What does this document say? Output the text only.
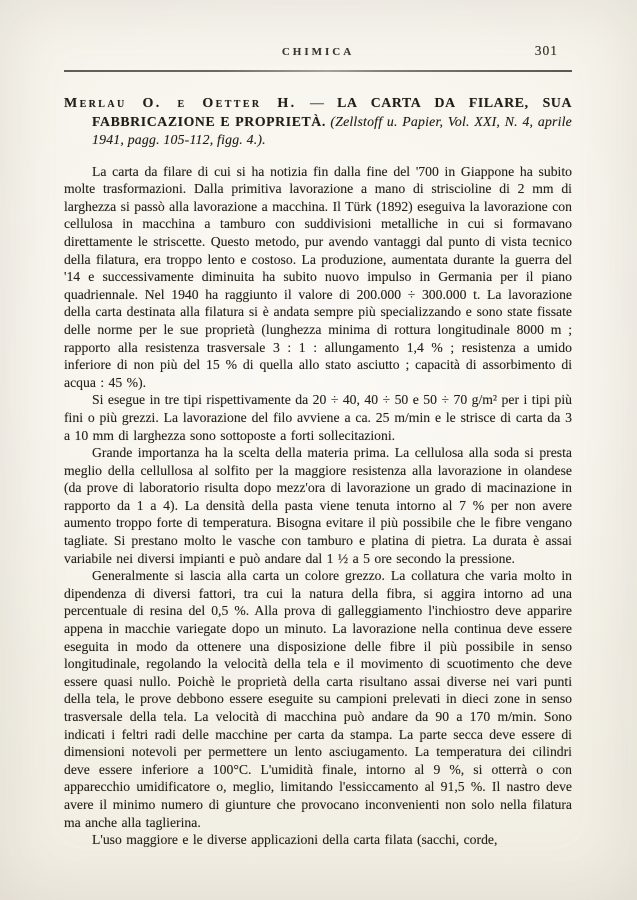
CHIMICA	301
Merlau O. e Oetter H. — LA CARTA DA FILARE, SUA FABBRICAZIONE E PROPRIETÀ. (Zellstoff u. Papier, Vol. XXI, N. 4, aprile 1941, pagg. 105-112, figg. 4.).

La carta da filare di cui si ha notizia fin dalla fine del '700 in Giappone ha subito molte trasformazioni. Dalla primitiva lavorazione a mano di striscioline di 2 mm di larghezza si passò alla lavorazione a macchina. Il Türk (1892) eseguiva la lavorazione con cellulosa in macchina a tamburo con suddivisioni metalliche in cui si formavano direttamente le striscette. Questo metodo, pur avendo vantaggi dal punto di vista tecnico della filatura, era troppo lento e costoso. La produzione, aumentata durante la guerra del '14 e successivamente diminuita ha subito nuovo impulso in Germania per il piano quadriennale. Nel 1940 ha raggiunto il valore di 200.000 ÷ 300.000 t. La lavorazione della carta destinata alla filatura si è andata sempre più specializzando e sono state fissate delle norme per le sue proprietà (lunghezza minima di rottura longitudinale 8000 m ; rapporto alla resistenza trasversale 3 : 1 : allungamento 1,4 % ; resistenza a umido inferiore di non più del 15 % di quella allo stato asciutto ; capacità di assorbimento di acqua : 45 %).

Si esegue in tre tipi rispettivamente da 20 ÷ 40, 40 ÷ 50 e 50 ÷ 70 g/m² per i tipi più fini o più grezzi. La lavorazione del filo avviene a ca. 25 m/min e le strisce di carta da 3 a 10 mm di larghezza sono sottoposte a forti sollecitazioni.

Grande importanza ha la scelta della materia prima. La cellulosa alla soda si presta meglio della cellullosa al solfito per la maggiore resistenza alla lavorazione in olandese (da prove di laboratorio risulta dopo mezz'ora di lavorazione un grado di macinazione in rapporto da 1 a 4). La densità della pasta viene tenuta intorno al 7 % per non avere aumento troppo forte di temperatura. Bisogna evitare il più possibile che le fibre vengano tagliate. Si prestano molto le vasche con tamburo e platina di pietra. La durata è assai variabile nei diversi impianti e può andare dal 1 ½ a 5 ore secondo la pressione.

Generalmente si lascia alla carta un colore grezzo. La collatura che varia molto in dipendenza di diversi fattori, tra cui la natura della fibra, si aggira intorno ad una percentuale di resina del 0,5 %. Alla prova di galleggiamento l'inchiostro deve apparire appena in macchie variegate dopo un minuto. La lavorazione nella continua deve essere eseguita in modo da ottenere una disposizione delle fibre il più possibile in senso longitudinale, regolando la velocità della tela e il movimento di scuotimento che deve essere quasi nullo. Poichè le proprietà della carta risultano assai diverse nei vari punti della tela, le prove debbono essere eseguite su campioni prelevati in dieci zone in senso trasversale della tela. La velocità di macchina può andare da 90 a 170 m/min. Sono indicati i feltri radi delle macchine per carta da stampa. La parte secca deve essere di dimensioni notevoli per permettere un lento asciugamento. La temperatura dei cilindri deve essere inferiore a 100°C. L'umidità finale, intorno al 9 %, si otterrà o con apparecchio umidificatore o, meglio, limitando l'essiccamento al 91,5 %. Il nastro deve avere il minimo numero di giunture che provocano inconvenienti non solo nella filatura ma anche alla taglierina.

L'uso maggiore e le diverse applicazioni della carta filata (sacchi, corde,
